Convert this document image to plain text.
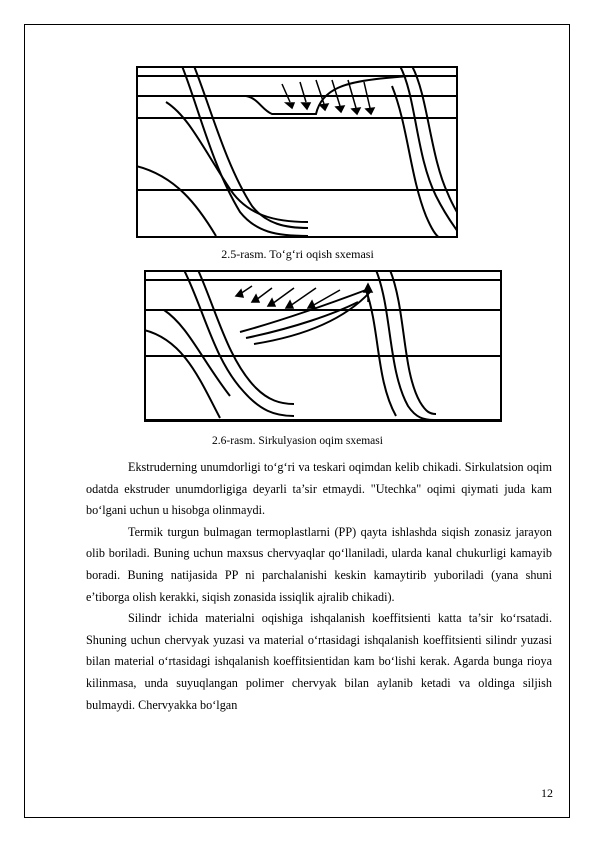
2.5-rasm. To‘g‘ri oqish sxemasi
2.6-rasm. Sirkulyasion oqim sxemasi

Ekstruderning unumdorligi to‘g‘ri va teskari oqimdan kelib chikadi. Sirkulatsion oqim odatda ekstruder unumdorligiga deyarli ta’sir etmaydi. "Utechka" oqimi qiymati juda kam bo‘lgani uchun u hisobga olinmaydi.

Termik turgun bulmagan termoplastlarni (PP) qayta ishlashda siqish zonasiz jarayon olib boriladi. Buning uchun maxsus chervyaqlar qo‘llaniladi, ularda kanal chukurligi kamayib boradi. Buning natijasida PP ni parchalanishi keskin kamaytirib yuboriladi (yana shuni e’tiborga olish kerakki, siqish zonasida issiqlik ajralib chikadi).

Silindr ichida materialni oqishiga ishqalanish koeffitsienti katta ta’sir ko‘rsatadi. Shuning uchun chervyak yuzasi va material o‘rtasidagi ishqalanish koeffitsienti silindr yuzasi bilan material o‘rtasidagi ishqalanish koeffitsientidan kam bo‘lishi kerak. Agarda bunga rioya kilinmasa, unda suyuqlangan polimer chervyak bilan aylanib ketadi va oldinga siljish bulmaydi. Chervyakka bo‘lgan

12
